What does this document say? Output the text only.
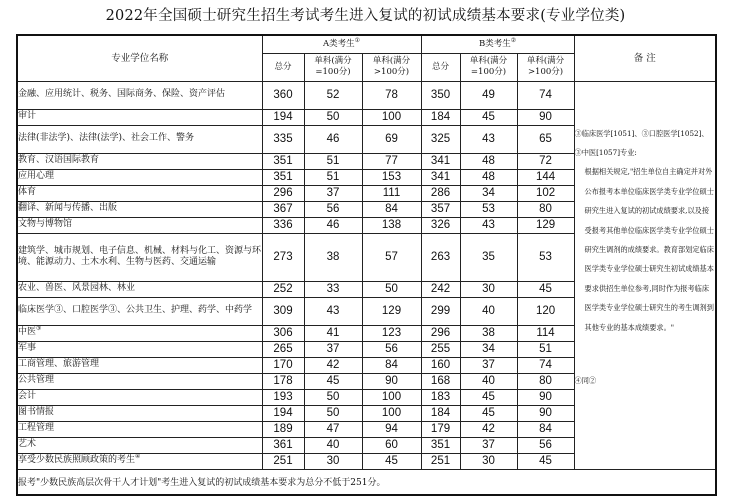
2022年全国硕士研究生招生考试考生进入复试的初试成绩基本要求(专业学位类)
专业学位名称	A类考生①			B类考生②			备 注
	总分	单科(满分=100分)	单科(满分>100分)	总分	单科(满分=100分)	单科(满分>100分)	
金融、应用统计、税务、国际商务、保险、资产评估	360	52	78	350	49	74	③临床医学[1051]、③口腔医学[1052]、③中医[1057]专业:
根据相关规定,"招生单位自主确定并对外公布报考本单位临床医学类专业学位硕士研究生进入复试的初试成绩要求,以及接受报考其他单位临床医学类专业学位硕士研究生调剂的成绩要求。教育部划定临床医学类专业学位硕士研究生初试成绩基本要求供招生单位参考,同时作为报考临床医学类专业学位硕士研究生的考生调剂到其他专业的基本成绩要求。"
④同②

审计	194	50	100	184	45	90	
法律(非法学)、法律(法学)、社会工作、警务	335	46	69	325	43	65	
教育、汉语国际教育	351	51	77	341	48	72	
应用心理	351	51	153	341	48	144	
体育	296	37	111	286	34	102	
翻译、新闻与传播、出版	367	56	84	357	53	80	
文物与博物馆	336	46	138	326	43	129	
建筑学、城市规划、电子信息、机械、材料与化工、资源与环境、能源动力、土木水利、生物与医药、交通运输	273	38	57	263	35	53	
农业、兽医、风景园林、林业	252	33	50	242	30	45	
临床医学③、口腔医学③、公共卫生、护理、药学、中药学	309	43	129	299	40	120	
中医③	306	41	123	296	38	114	
军事	265	37	56	255	34	51	
工商管理、旅游管理	170	42	84	160	37	74	
公共管理	178	45	90	168	40	80	
会计	193	50	100	183	45	90	
图书情报	194	50	100	184	45	90	
工程管理	189	47	94	179	42	84	
艺术	361	40	60	351	37	56	
享受少数民族照顾政策的考生④	251	30	45	251	30	45	
报考"少数民族高层次骨干人才计划"考生进入复试的初试成绩基本要求为总分不低于251分。							
